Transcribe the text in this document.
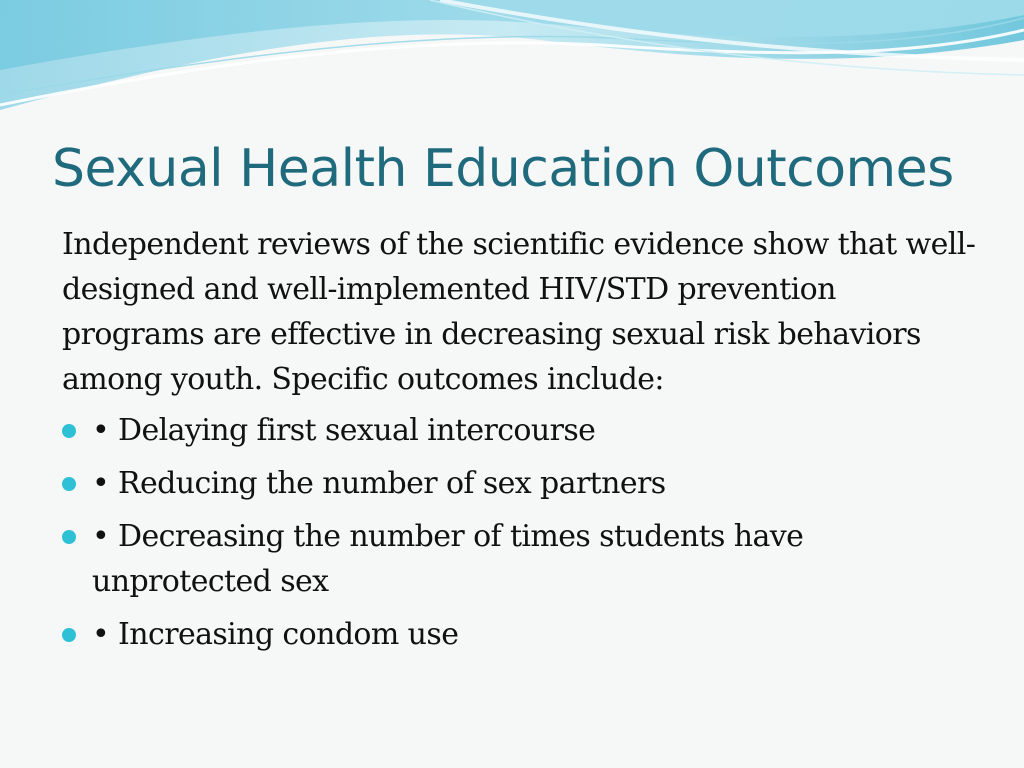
Sexual Health Education Outcomes

Independent reviews of the scientific evidence show that well-designed and well-implemented HIV/STD prevention programs are effective in decreasing sexual risk behaviors among youth. Specific outcomes include:

• Delaying first sexual intercourse
• Reducing the number of sex partners
• Decreasing the number of times students have unprotected sex
• Increasing condom use
